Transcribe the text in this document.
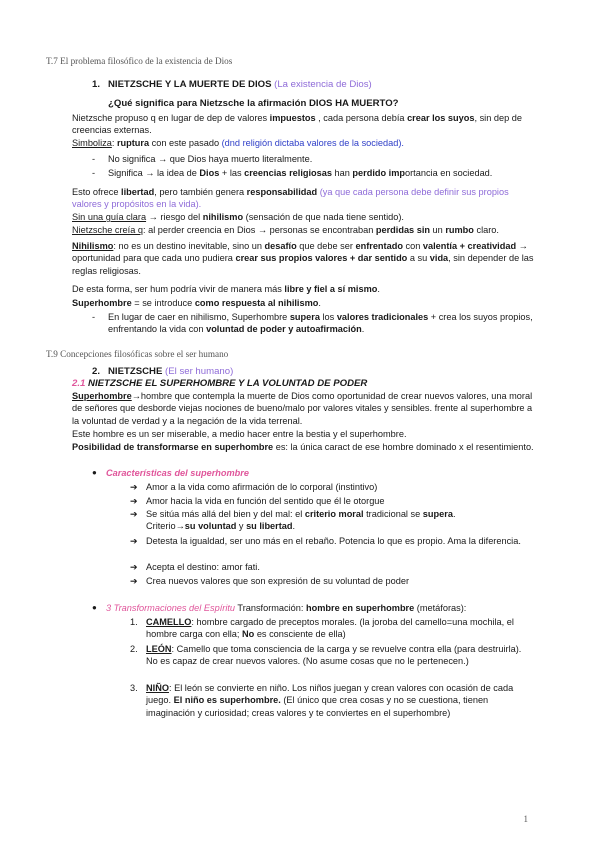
T.7 El problema filosófico de la existencia de Dios
1. NIETZSCHE Y LA MUERTE DE DIOS (La existencia de Dios)
¿Qué significa para Nietzsche la afirmación DIOS HA MUERTO?
Nietzsche propuso q en lugar de dep de valores impuestos , cada persona debía crear los suyos, sin dep de creencias externas.
Simboliza: ruptura con este pasado (dnd religión dictaba valores de la sociedad).
- No significa → que Dios haya muerto literalmente.
- Significa → la idea de Dios + las creencias religiosas han perdido importancia en sociedad.
Esto ofrece libertad, pero también genera responsabilidad (ya que cada persona debe definir sus propios valores y propósitos en la vida).
Sin una guía clara → riesgo del nihilismo (sensación de que nada tiene sentido).
Nietzsche creía q: al perder creencia en Dios → personas se encontraban perdidas sin un rumbo claro.
Nihilismo: no es un destino inevitable, sino un desafío que debe ser enfrentado con valentía + creatividad → oportunidad para que cada uno pudiera crear sus propios valores + dar sentido a su vida, sin depender de las reglas religiosas.
De esta forma, ser hum podría vivir de manera más libre y fiel a sí mismo.
Superhombre = se introduce como respuesta al nihilismo.
- En lugar de caer en nihilismo, Superhombre supera los valores tradicionales + crea los suyos propios, enfrentando la vida con voluntad de poder y autoafirmación.
T.9 Concepciones filosóficas sobre el ser humano
2. NIETZSCHE (El ser humano)
2.1 NIETZSCHE EL SUPERHOMBRE Y LA VOLUNTAD DE PODER
Superhombre→hombre que contempla la muerte de Dios como oportunidad de crear nuevos valores, una moral de señores que desborde viejas nociones de bueno/malo por valores vitales y sensibles. frente al superhombre a la voluntad de verdad y a la negación de la vida terrenal.
Este hombre es un ser miserable, a medio hacer entre la bestia y el superhombre.
Posibilidad de transformarse en superhombre es: la única caract de ese hombre dominado x el resentimiento.
● Características del superhombre
➔ Amor a la vida como afirmación de lo corporal (instintivo)
➔ Amor hacia la vida en función del sentido que él le otorgue
➔ Se sitúa más allá del bien y del mal: el criterio moral tradicional se supera.
Criterio→su voluntad y su libertad.
➔ Detesta la igualdad, ser uno más en el rebaño. Potencia lo que es propio. Ama la diferencia.
➔ Acepta el destino: amor fati.
➔ Crea nuevos valores que son expresión de su voluntad de poder
● 3 Transformaciones del Espíritu Transformación: hombre en superhombre (metáforas):
1. CAMELLO: hombre cargado de preceptos morales. (la joroba del camello=una mochila, el hombre carga con ella; No es consciente de ella)
2. LEÓN: Camello que toma consciencia de la carga y se revuelve contra ella (para destruirla). No es capaz de crear nuevos valores. (No asume cosas que no le pertenecen.)
3. NIÑO: El león se convierte en niño. Los niños juegan y crean valores con ocasión de cada juego. El niño es superhombre. (El único que crea cosas y no se cuestiona, tienen imaginación y curiosidad; creas valores y te conviertes en el superhombre)
1
